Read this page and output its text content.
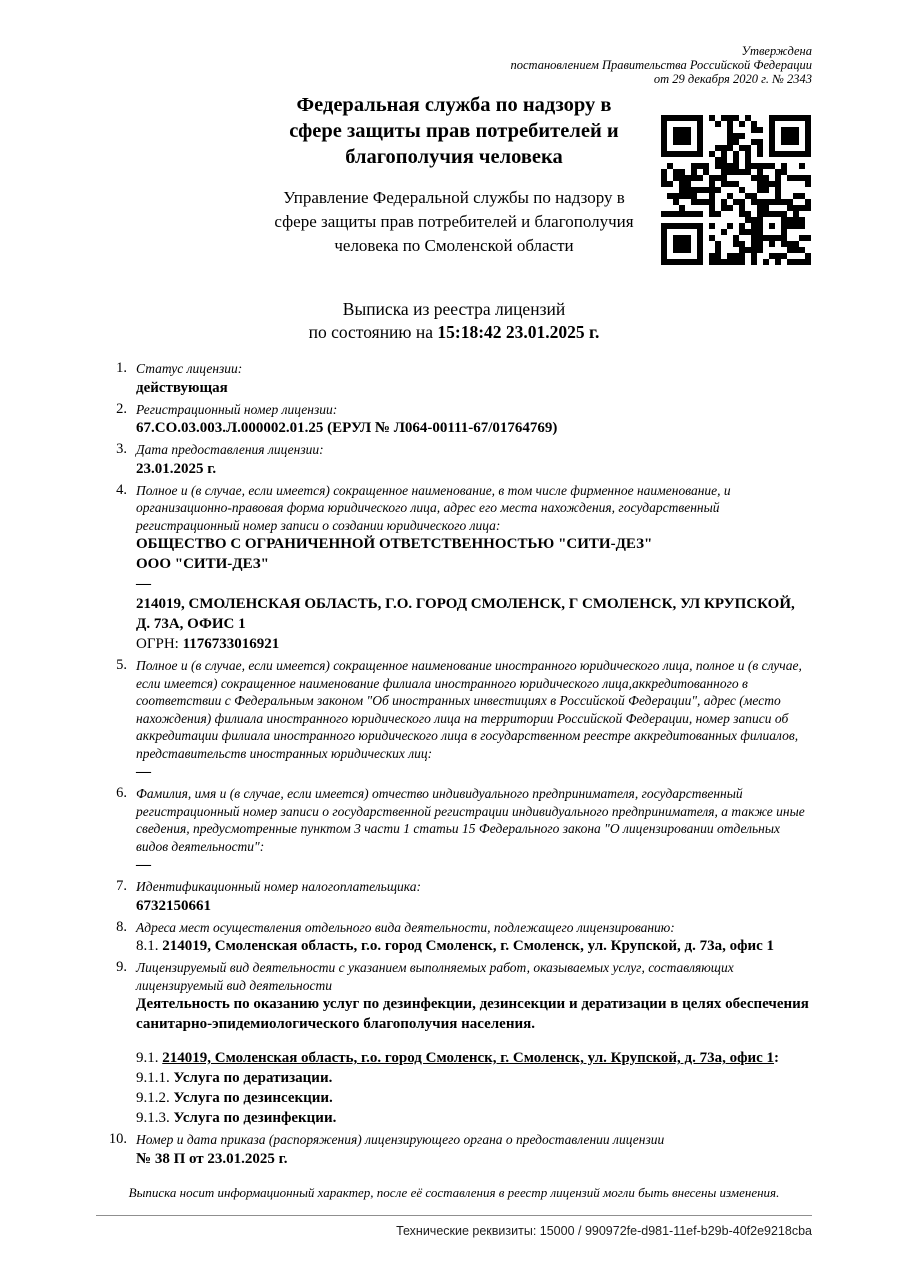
Утверждена
постановлением Правительства Российской Федерации
от 29 декабря 2020 г. № 2343
Федеральная служба по надзору в сфере защиты прав потребителей и благополучия человека
Управление Федеральной службы по надзору в сфере защиты прав потребителей и благополучия человека по Смоленской области
Выписка из реестра лицензий
по состоянию на 15:18:42 23.01.2025 г.
1. Статус лицензии:
действующая
2. Регистрационный номер лицензии:
67.СО.03.003.Л.000002.01.25 (ЕРУЛ № Л064-00111-67/01764769)
3. Дата предоставления лицензии:
23.01.2025 г.
4. Полное и (в случае, если имеется) сокращенное наименование, в том числе фирменное наименование, и организационно-правовая форма юридического лица, адрес его места нахождения, государственный регистрационный номер записи о создании юридического лица:
ОБЩЕСТВО С ОГРАНИЧЕННОЙ ОТВЕТСТВЕННОСТЬЮ "СИТИ-ДЕЗ"
ООО "СИТИ-ДЕЗ"
—
214019, СМОЛЕНСКАЯ ОБЛАСТЬ, Г.О. ГОРОД СМОЛЕНСК, Г СМОЛЕНСК, УЛ КРУПСКОЙ, Д. 73А, ОФИС 1
ОГРН: 1176733016921
5. Полное и (в случае, если имеется) сокращенное наименование иностранного юридического лица, полное и (в случае, если имеется) сокращенное наименование филиала иностранного юридического лица,аккредитованного в соответствии с Федеральным законом "Об иностранных инвестициях в Российской Федерации", адрес (место нахождения) филиала иностранного юридического лица на территории Российской Федерации, номер записи об аккредитации филиала иностранного юридического лица в государственном реестре аккредитованных филиалов, представительств иностранных юридических лиц:
—
6. Фамилия, имя и (в случае, если имеется) отчество индивидуального предпринимателя, государственный регистрационный номер записи о государственной регистрации индивидуального предпринимателя, а также иные сведения, предусмотренные пунктом 3 части 1 статьи 15 Федерального закона "О лицензировании отдельных видов деятельности":
—
7. Идентификационный номер налогоплательщика:
6732150661
8. Адреса мест осуществления отдельного вида деятельности, подлежащего лицензированию:
8.1. 214019, Смоленская область, г.о. город Смоленск, г. Смоленск, ул. Крупской, д. 73а, офис 1
9. Лицензируемый вид деятельности с указанием выполняемых работ, оказываемых услуг, составляющих лицензируемый вид деятельности
Деятельность по оказанию услуг по дезинфекции, дезинсекции и дератизации в целях обеспечения санитарно-эпидемиологического благополучия населения.
9.1. 214019, Смоленская область, г.о. город Смоленск, г. Смоленск, ул. Крупской, д. 73а, офис 1:
9.1.1. Услуга по дератизации.
9.1.2. Услуга по дезинсекции.
9.1.3. Услуга по дезинфекции.
10. Номер и дата приказа (распоряжения) лицензирующего органа о предоставлении лицензии
№ 38 П от 23.01.2025 г.
Выписка носит информационный характер, после её составления в реестр лицензий могли быть внесены изменения.
Технические реквизиты: 15000 / 990972fe-d981-11ef-b29b-40f2e9218cba
